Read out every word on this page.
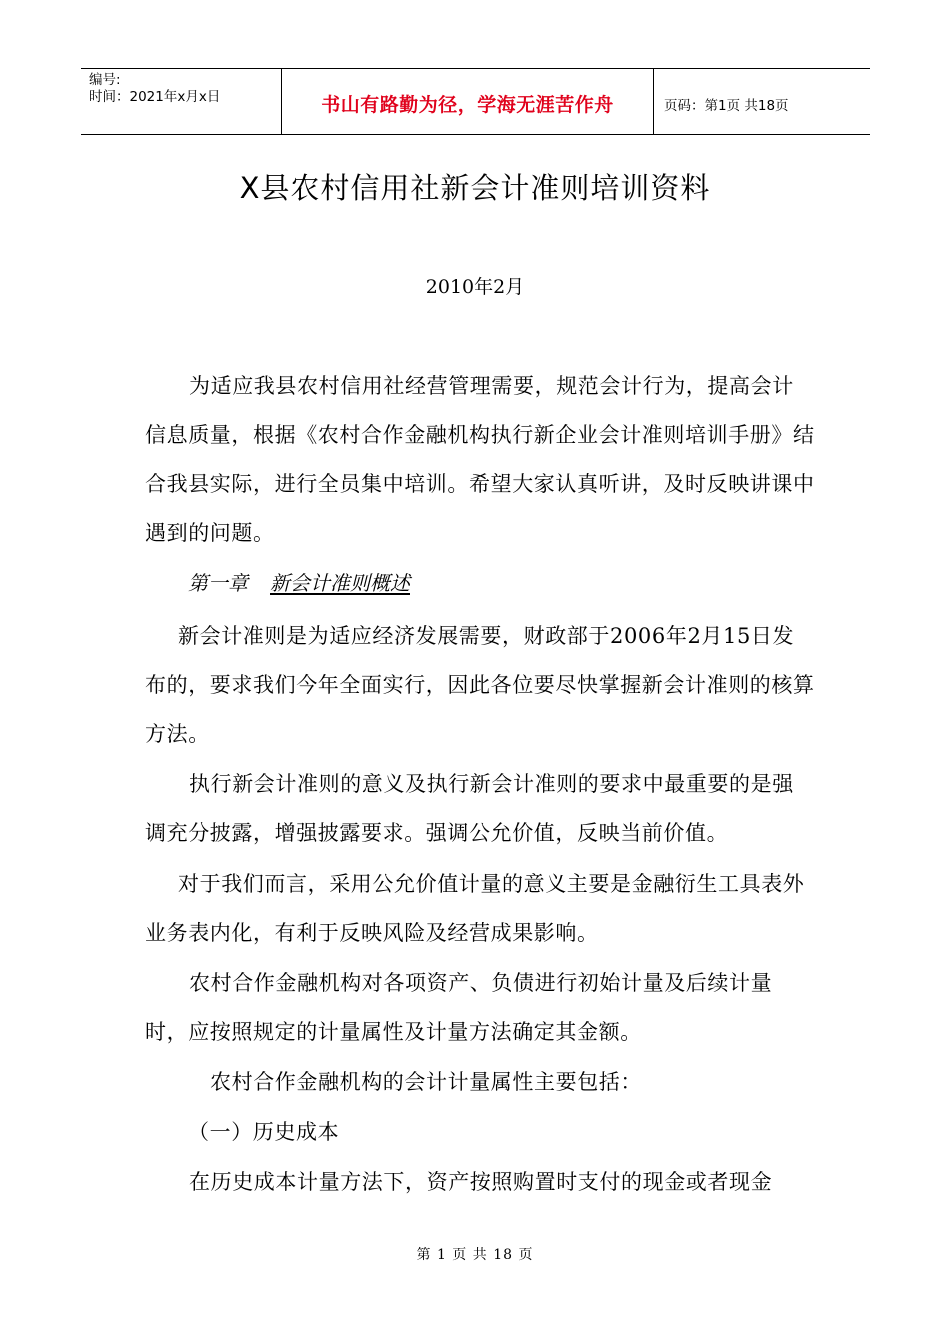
编号:
时间：2021年x月x日	书山有路勤为径，学海无涯苦作舟	页码：第1页 共18页
X县农村信用社新会计准则培训资料
2010年2月

为适应我县农村信用社经营管理需要，规范会计行为，提高会计信息质量，根据《农村合作金融机构执行新企业会计准则培训手册》结合我县实际，进行全员集中培训。希望大家认真听讲，及时反映讲课中遇到的问题。

第一章 新会计准则概述

新会计准则是为适应经济发展需要，财政部于2006年2月15日发布的，要求我们今年全面实行，因此各位要尽快掌握新会计准则的核算方法。

执行新会计准则的意义及执行新会计准则的要求中最重要的是强调充分披露，增强披露要求。强调公允价值，反映当前价值。

对于我们而言，采用公允价值计量的意义主要是金融衍生工具表外业务表内化，有利于反映风险及经营成果影响。

农村合作金融机构对各项资产、负债进行初始计量及后续计量时，应按照规定的计量属性及计量方法确定其金额。

农村合作金融机构的会计计量属性主要包括：

（一）历史成本

在历史成本计量方法下，资产按照购置时支付的现金或者现金

第 1 页 共 18 页
